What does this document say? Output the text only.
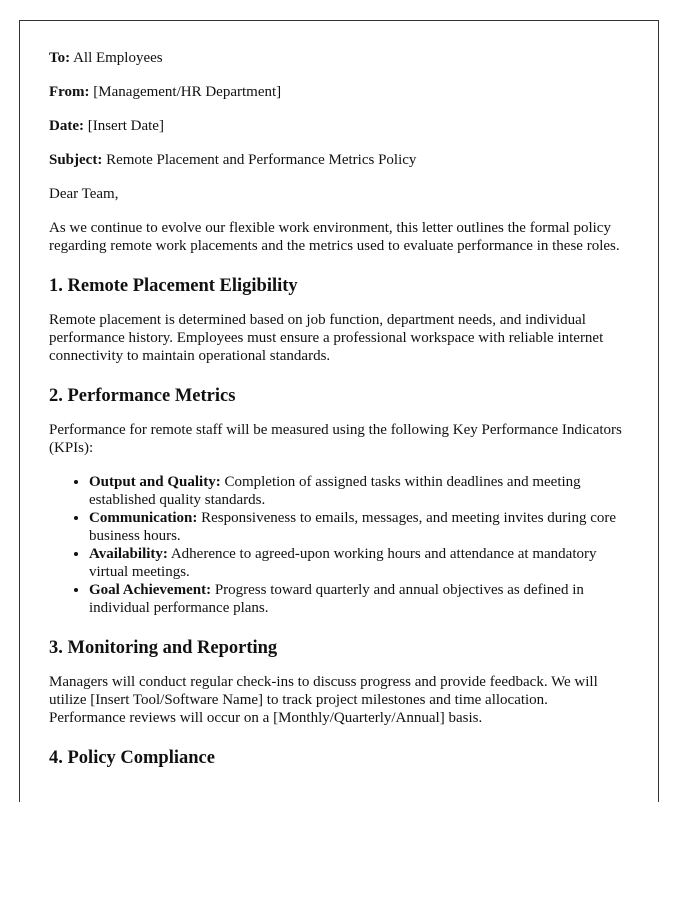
To: All Employees

From: [Management/HR Department]

Date: [Insert Date]

Subject: Remote Placement and Performance Metrics Policy

Dear Team,

As we continue to evolve our flexible work environment, this letter outlines the formal policy regarding remote work placements and the metrics used to evaluate performance in these roles.

1. Remote Placement Eligibility

Remote placement is determined based on job function, department needs, and individual performance history. Employees must ensure a professional workspace with reliable internet connectivity to maintain operational standards.

2. Performance Metrics

Performance for remote staff will be measured using the following Key Performance Indicators (KPIs):

• Output and Quality: Completion of assigned tasks within deadlines and meeting established quality standards.
• Communication: Responsiveness to emails, messages, and meeting invites during core business hours.
• Availability: Adherence to agreed-upon working hours and attendance at mandatory virtual meetings.
• Goal Achievement: Progress toward quarterly and annual objectives as defined in individual performance plans.
3. Monitoring and Reporting

Managers will conduct regular check-ins to discuss progress and provide feedback. We will utilize [Insert Tool/Software Name] to track project milestones and time allocation. Performance reviews will occur on a [Monthly/Quarterly/Annual] basis.

4. Policy Compliance
